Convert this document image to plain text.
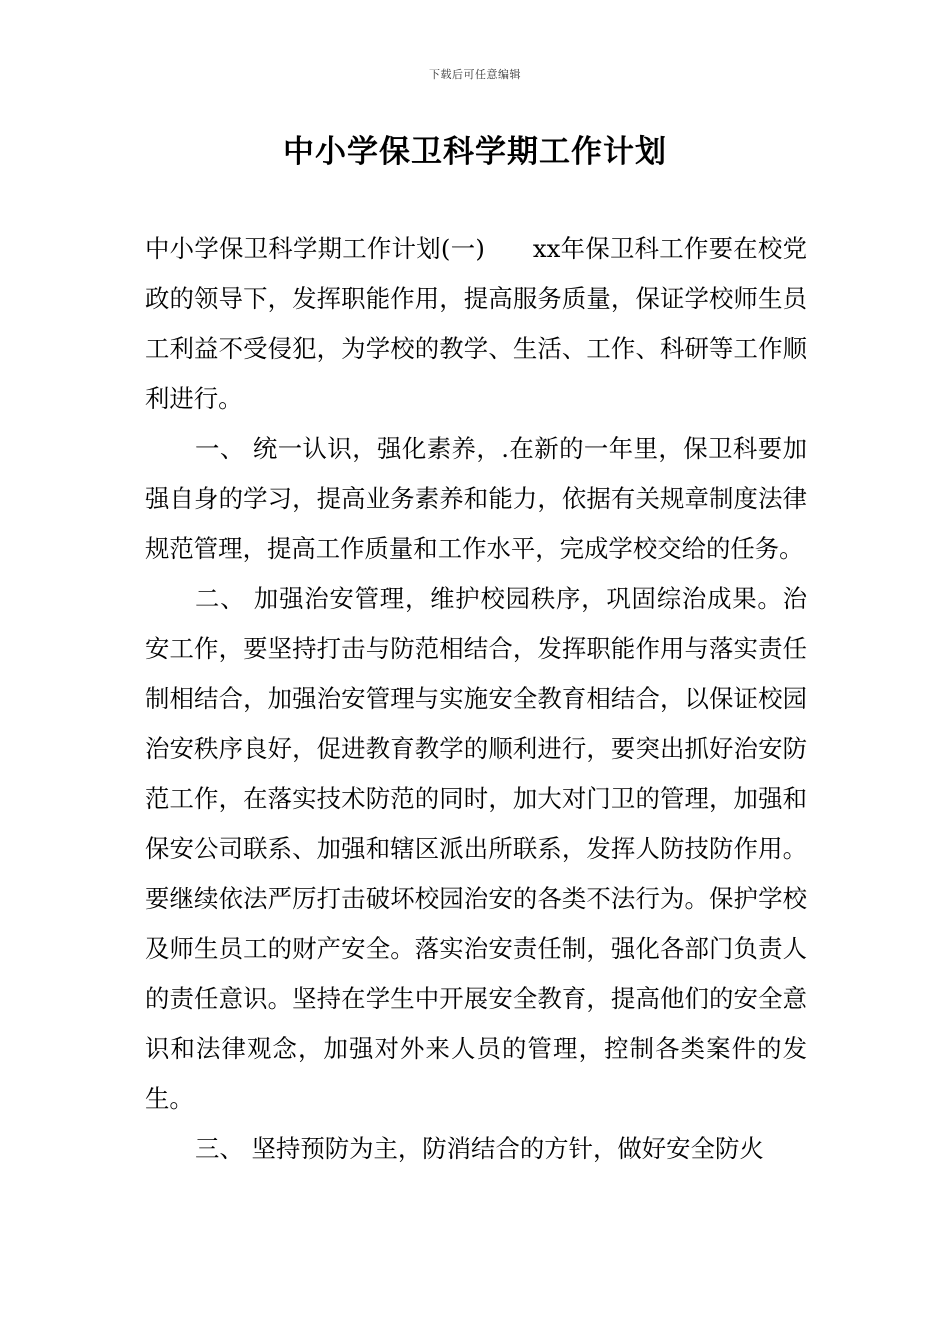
下载后可任意编辑
中小学保卫科学期工作计划

中小学保卫科学期工作计划(一) xx年保卫科工作要在校党政的领导下，发挥职能作用，提高服务质量，保证学校师生员工利益不受侵犯，为学校的教学、生活、工作、科研等工作顺利进行。

一、 统一认识，强化素养，.在新的一年里，保卫科要加强自身的学习，提高业务素养和能力，依据有关规章制度法律规范管理，提高工作质量和工作水平，完成学校交给的任务。

二、 加强治安管理，维护校园秩序，巩固综治成果。治安工作，要坚持打击与防范相结合，发挥职能作用与落实责任制相结合，加强治安管理与实施安全教育相结合，以保证校园治安秩序良好，促进教育教学的顺利进行，要突出抓好治安防范工作，在落实技术防范的同时，加大对门卫的管理，加强和保安公司联系、加强和辖区派出所联系，发挥人防技防作用。要继续依法严厉打击破坏校园治安的各类不法行为。保护学校及师生员工的财产安全。落实治安责任制，强化各部门负责人的责任意识。坚持在学生中开展安全教育，提高他们的安全意识和法律观念，加强对外来人员的管理，控制各类案件的发生。

三、 坚持预防为主，防消结合的方针，做好安全防火
